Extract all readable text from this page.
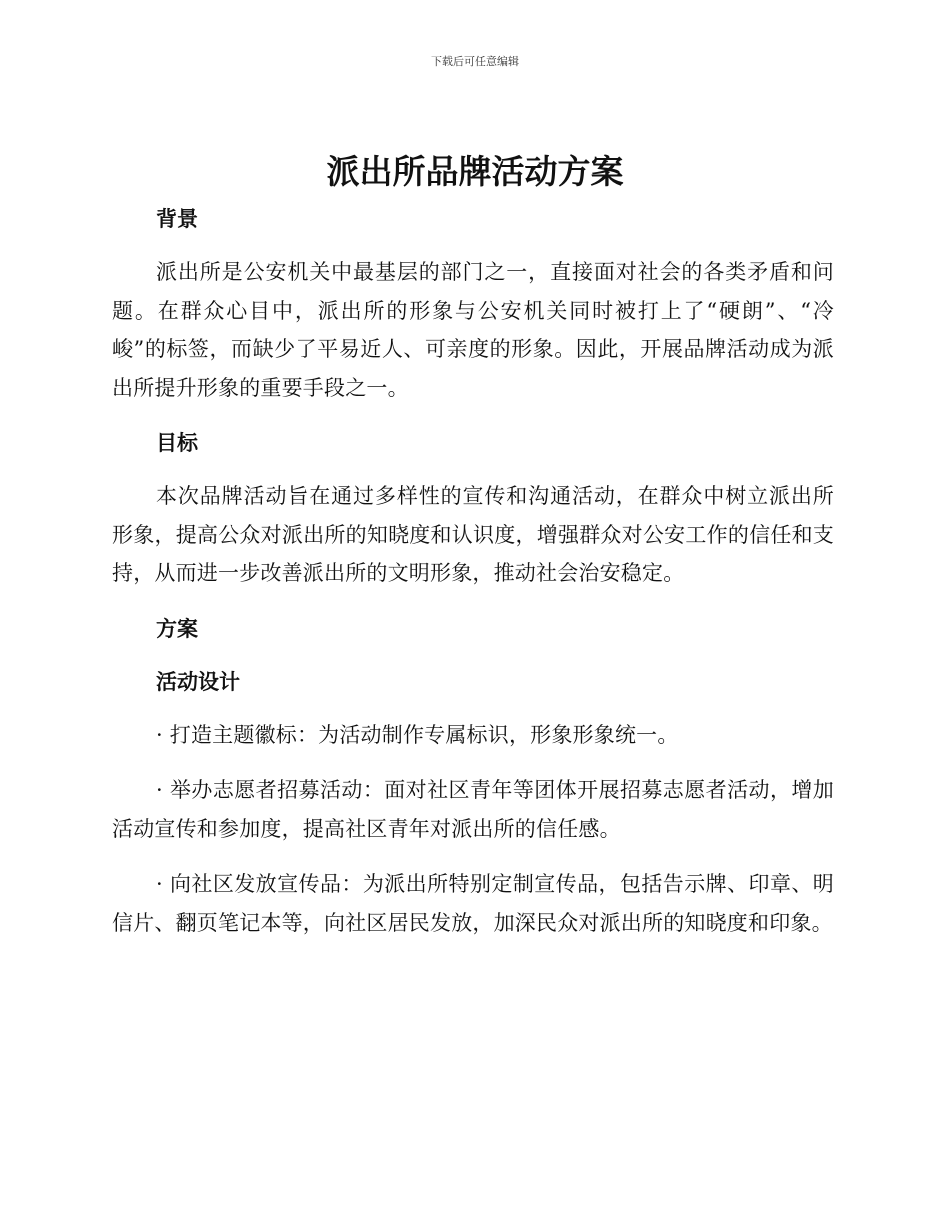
下载后可任意编辑
派出所品牌活动方案
背景

派出所是公安机关中最基层的部门之一，直接面对社会的各类矛盾和问题。在群众心目中，派出所的形象与公安机关同时被打上了“硬朗”、“冷峻”的标签，而缺少了平易近人、可亲度的形象。因此，开展品牌活动成为派出所提升形象的重要手段之一。

目标

本次品牌活动旨在通过多样性的宣传和沟通活动，在群众中树立派出所形象，提高公众对派出所的知晓度和认识度，增强群众对公安工作的信任和支持，从而进一步改善派出所的文明形象，推动社会治安稳定。

方案
活动设计

· 打造主题徽标：为活动制作专属标识，形象形象统一。

· 举办志愿者招募活动：面对社区青年等团体开展招募志愿者活动，增加活动宣传和参加度，提高社区青年对派出所的信任感。

· 向社区发放宣传品：为派出所特别定制宣传品，包括告示牌、印章、明信片、翻页笔记本等，向社区居民发放，加深民众对派出所的知晓度和印象。
